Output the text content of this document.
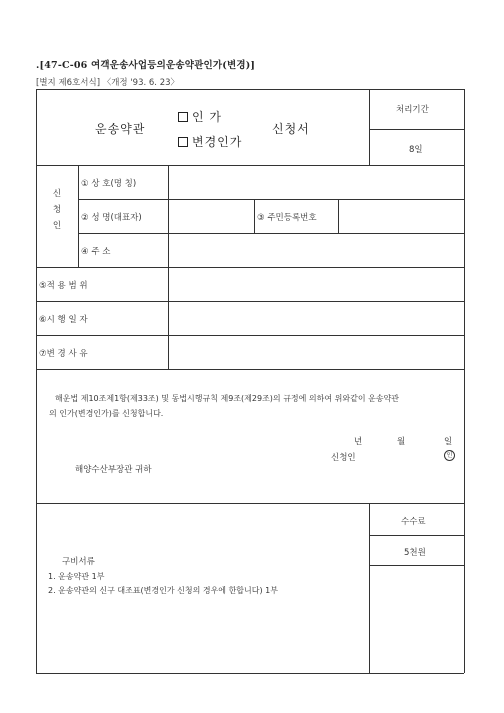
.[47-C-06 여객운송사업등의운송약관인가(변경)]
[별지 제6호서식] 〈개정 '93. 6. 23〉
운송약관
인 가
변경인가
신청서
처리기간
8일
신
청
인
① 상 호(명 칭)
② 성 명(대표자)	③ 주민등록번호
④ 주 소
⑤적 용 범 위
⑥시 행 일 자
⑦변 경 사 유
해운법 제10조제1항(제33조) 및 동법시행규칙 제9조(제29조)의 규정에 의하여 위와같이 운송약관
의 인가(변경인가)를 신청합니다.
년	월	일
신청인	인
해양수산부장관 귀하
수수료
5천원
구비서류
1. 운송약관 1부
2. 운송약관의 신구 대조표(변경인가 신청의 경우에 한합니다) 1부
